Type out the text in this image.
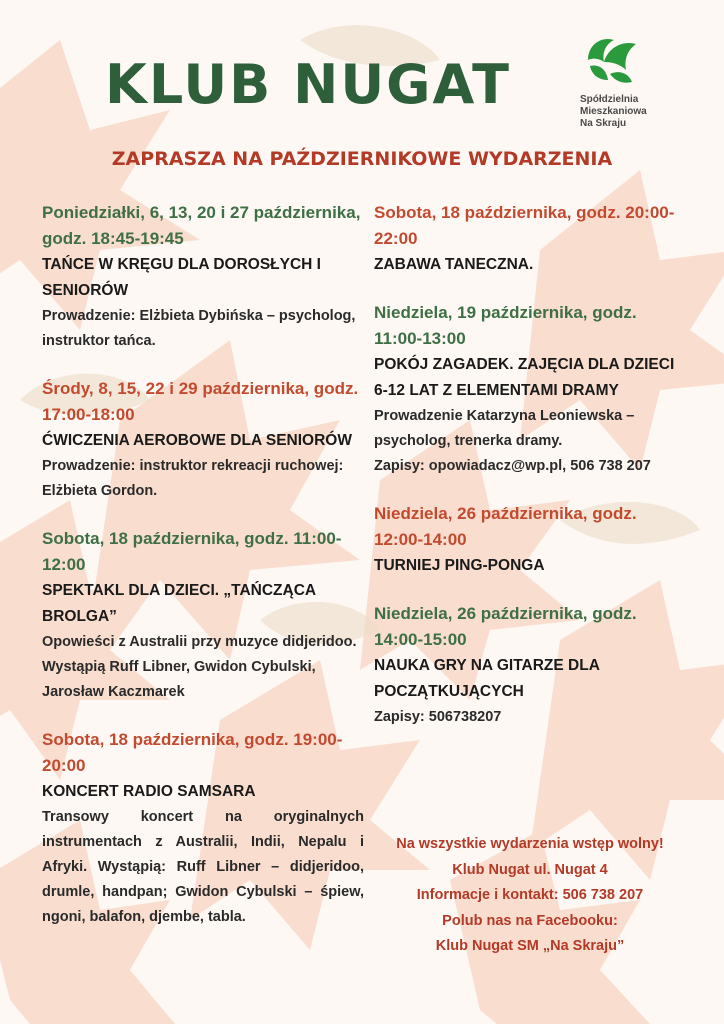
Spółdzielnia
Mieszkaniowa
Na Skraju
KLUB NUGAT
ZAPRASZA NA PAŹDZIERNIKOWE WYDARZENIA
Poniedziałki, 6, 13, 20 i 27 października, godz. 18:45-19:45
TAŃCE W KRĘGU DLA DOROSŁYCH I SENIORÓW
Prowadzenie: Elżbieta Dybińska – psycholog, instruktor tańca.
Środy, 8, 15, 22 i 29 października, godz. 17:00-18:00
ĆWICZENIA AEROBOWE DLA SENIORÓW
Prowadzenie: instruktor rekreacji ruchowej: Elżbieta Gordon.
Sobota, 18 października, godz. 11:00-12:00
SPEKTAKL DLA DZIECI. „TAŃCZĄCA BROLGA”
Opowieści z Australii przy muzyce didjeridoo. Wystąpią Ruff Libner, Gwidon Cybulski, Jarosław Kaczmarek
Sobota, 18 października, godz. 19:00-20:00
KONCERT RADIO SAMSARA
Transowy koncert na oryginalnych instrumentach z Australii, Indii, Nepalu i Afryki. Wystąpią: Ruff Libner – didjeridoo, drumle, handpan; Gwidon Cybulski – śpiew, ngoni, balafon, djembe, tabla.
Sobota, 18 października, godz. 20:00-22:00
ZABAWA TANECZNA.
Niedziela, 19 października, godz. 11:00-13:00
POKÓJ ZAGADEK. ZAJĘCIA DLA DZIECI 6-12 LAT Z ELEMENTAMI DRAMY
Prowadzenie Katarzyna Leoniewska – psycholog, trenerka dramy.
Zapisy: opowiadacz@wp.pl, 506 738 207
Niedziela, 26 października, godz. 12:00-14:00
TURNIEJ PING-PONGA
Niedziela, 26 października, godz. 14:00-15:00
NAUKA GRY NA GITARZE DLA POCZĄTKUJĄCYCH
Zapisy: 506738207
Na wszystkie wydarzenia wstęp wolny!
Klub Nugat ul. Nugat 4
Informacje i kontakt: 506 738 207
Polub nas na Facebooku:
Klub Nugat SM „Na Skraju”
